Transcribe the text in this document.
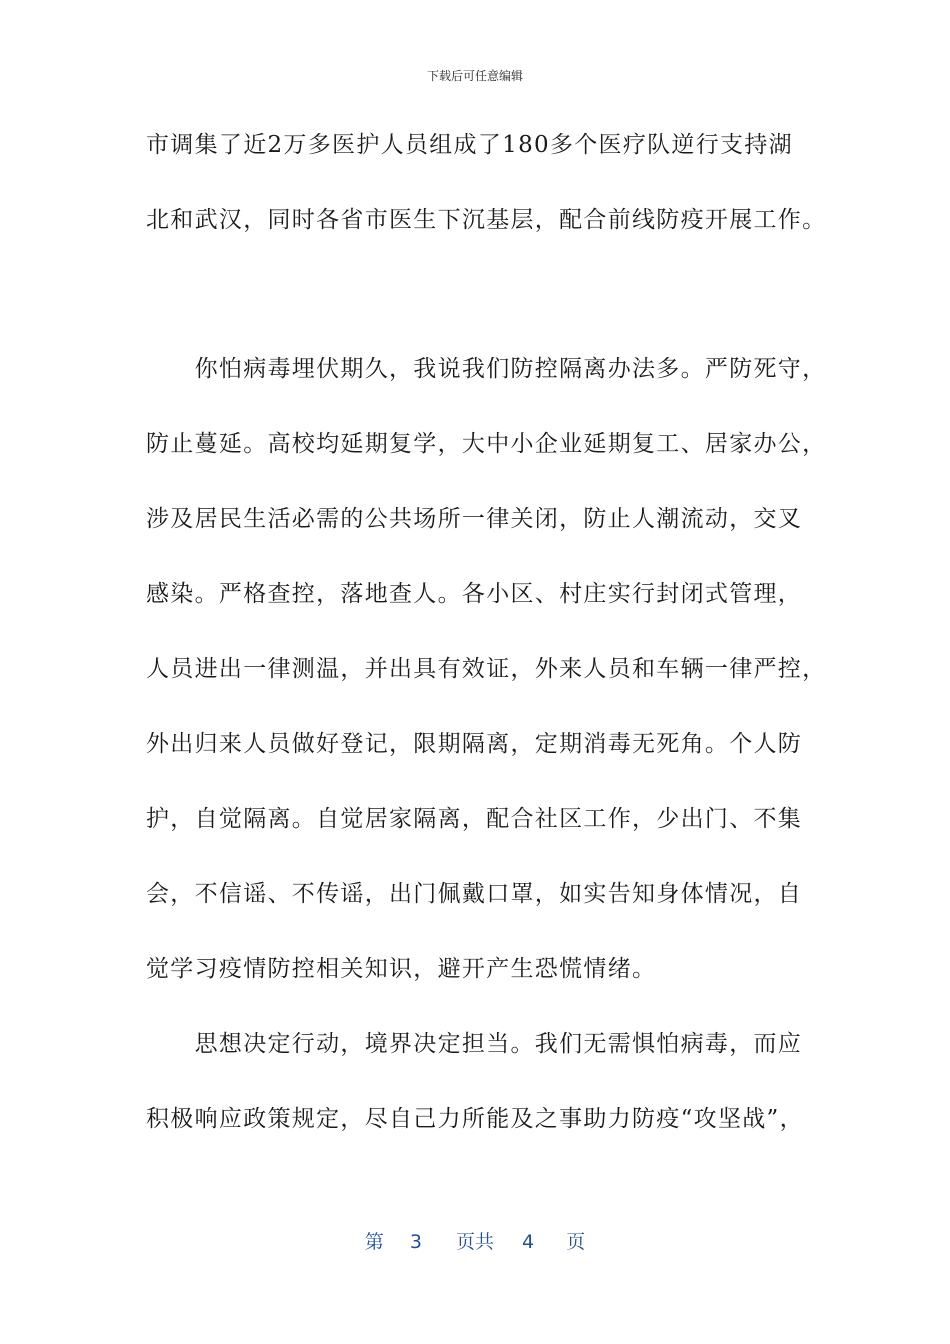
下载后可任意编辑
市调集了近2万多医护人员组成了180多个医疗队逆行支持湖
北和武汉，同时各省市医生下沉基层，配合前线防疫开展工作。
　　你怕病毒埋伏期久，我说我们防控隔离办法多。严防死守，
防止蔓延。高校均延期复学，大中小企业延期复工、居家办公，
涉及居民生活必需的公共场所一律关闭，防止人潮流动，交叉
感染。严格查控，落地查人。各小区、村庄实行封闭式管理，
人员进出一律测温，并出具有效证，外来人员和车辆一律严控，
外出归来人员做好登记，限期隔离，定期消毒无死角。个人防
护，自觉隔离。自觉居家隔离，配合社区工作，少出门、不集
会，不信谣、不传谣，出门佩戴口罩，如实告知身体情况，自
觉学习疫情防控相关知识，避开产生恐慌情绪。
　　思想决定行动，境界决定担当。我们无需惧怕病毒，而应
积极响应政策规定，尽自己力所能及之事助力防疫“攻坚战”，
第 3 页共 4 页
